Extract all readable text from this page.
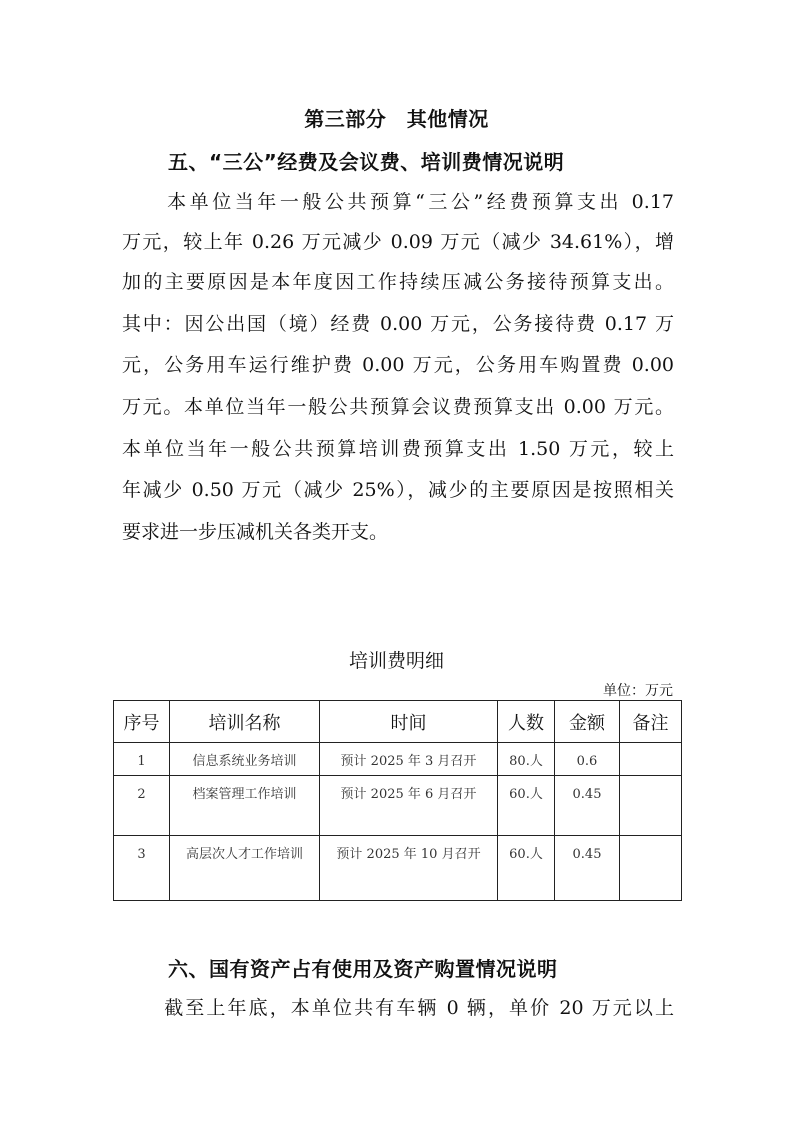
第三部分　其他情况
五、“三公”经费及会议费、培训费情况说明
　　本单位当年一般公共预算“三公”经费预算支出 0.17
万元，较上年 0.26 万元减少 0.09 万元（减少 34.61%），增
加的主要原因是本年度因工作持续压减公务接待预算支出。
其中：因公出国（境）经费 0.00 万元，公务接待费 0.17 万
元，公务用车运行维护费 0.00 万元，公务用车购置费 0.00
万元。本单位当年一般公共预算会议费预算支出 0.00 万元。
本单位当年一般公共预算培训费预算支出 1.50 万元，较上
年减少 0.50 万元（减少 25%），减少的主要原因是按照相关
要求进一步压减机关各类开支。
培训费明细
单位：万元
序号	培训名称	时间	人数	金额	备注
1	信息系统业务培训	预计 2025 年 3 月召开	80.人	0.6	
2	档案管理工作培训	预计 2025 年 6 月召开	60.人	0.45	
3	高层次人才工作培训	预计 2025 年 10 月召开	60.人	0.45	
六、国有资产占有使用及资产购置情况说明
　　截至上年底，本单位共有车辆 0 辆，单价 20 万元以上
